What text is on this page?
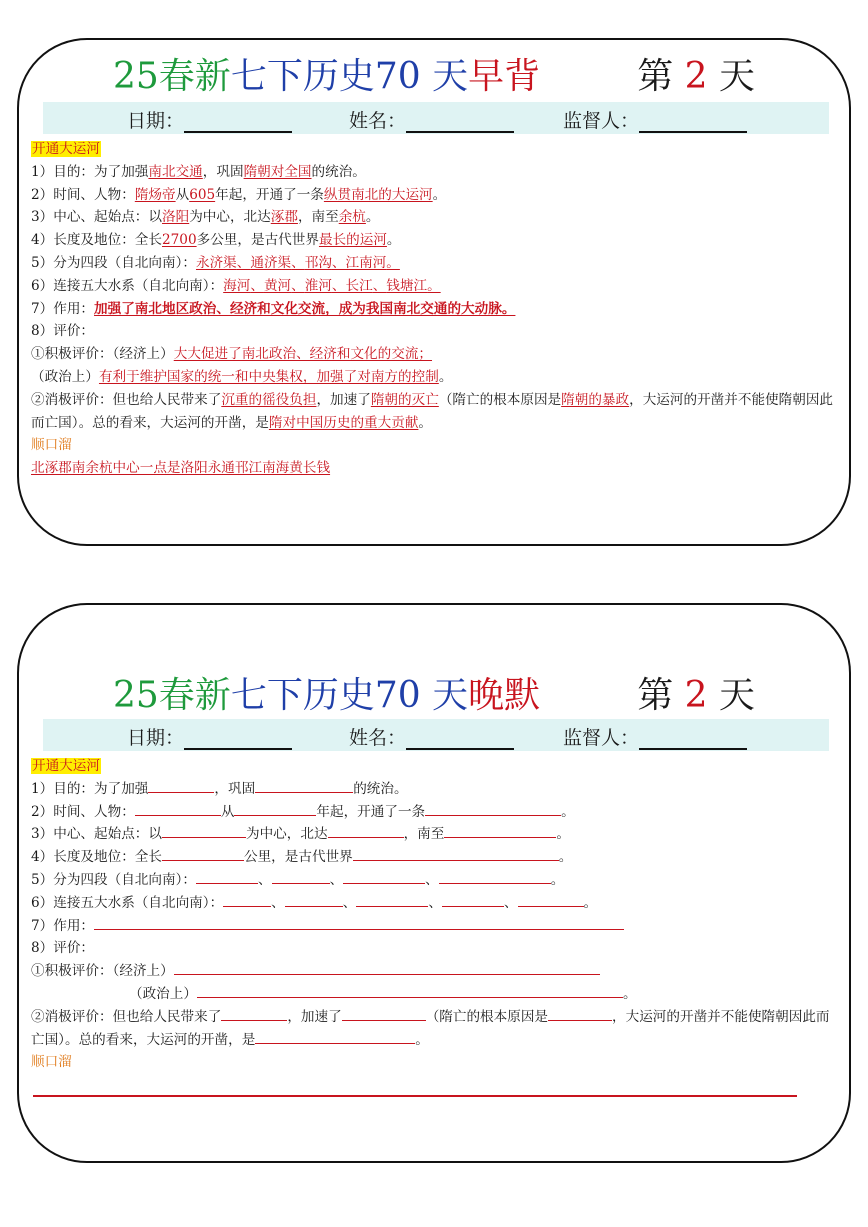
25春新七下历史70 天早背	第 2 天
日期：	姓名：	监督人：
开通大运河
1）目的：为了加强南北交通，巩固隋朝对全国的统治。
2）时间、人物：隋炀帝从605年起，开通了一条纵贯南北的大运河。
3）中心、起始点：以洛阳为中心，北达涿郡，南至余杭。
4）长度及地位：全长2700多公里，是古代世界最长的运河。
5）分为四段（自北向南）：永济渠、通济渠、邗沟、江南河。
6）连接五大水系（自北向南）：海河、黄河、淮河、长江、钱塘江。
7）作用：加强了南北地区政治、经济和文化交流，成为我国南北交通的大动脉。
8）评价：
①积极评价：（经济上）大大促进了南北政治、经济和文化的交流；
（政治上）有利于维护国家的统一和中央集权，加强了对南方的控制。
②消极评价：但也给人民带来了沉重的徭役负担，加速了隋朝的灭亡（隋亡的根本原因是隋朝的暴政，大运河的开凿并不能使隋朝因此而亡国）。总的看来，大运河的开凿，是隋对中国历史的重大贡献。
顺口溜
北涿郡南余杭中心一点是洛阳永通邗江南海黄长钱
25春新七下历史70 天晚默	第 2 天
日期：	姓名：	监督人：
开通大运河
1）目的：为了加强	，巩固	的统治。
2）时间、人物：	从	年起，开通了一条	。
3）中心、起始点：以	为中心，北达	，南至	。
4）长度及地位：全长	公里，是古代世界	。
5）分为四段（自北向南）：	、	、	、	。
6）连接五大水系（自北向南）：	、	、	、	、	。
7）作用：
8）评价：
①积极评价：（经济上）
（政治上）	。
②消极评价：但也给人民带来了	，加速了	（隋亡的根本原因是	，大运河的开凿并不能使隋朝因此而亡国）。总的看来，大运河的开凿，是	。
顺口溜
